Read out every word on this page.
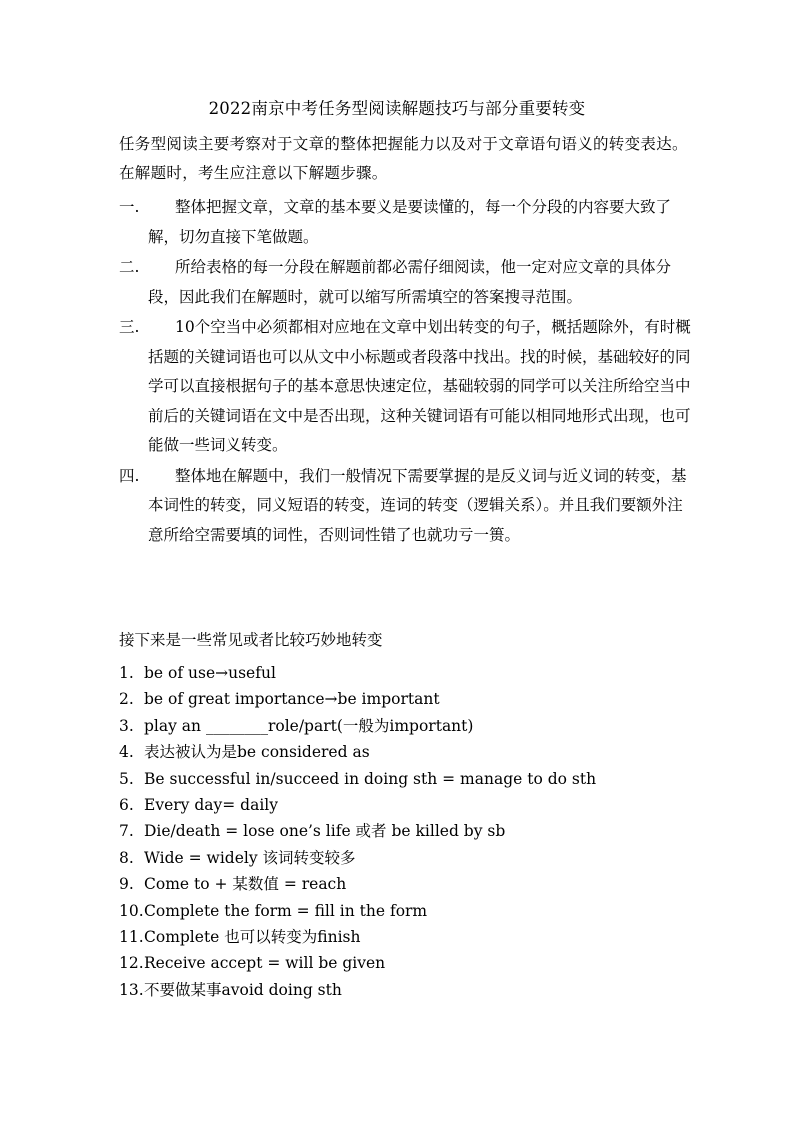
2022南京中考任务型阅读解题技巧与部分重要转变
任务型阅读主要考察对于文章的整体把握能力以及对于文章语句语义的转变表达。在解题时，考生应注意以下解题步骤。
一.	整体把握文章，文章的基本要义是要读懂的，每一个分段的内容要大致了解，切勿直接下笔做题。
二.	所给表格的每一分段在解题前都必需仔细阅读，他一定对应文章的具体分段，因此我们在解题时，就可以缩写所需填空的答案搜寻范围。
三.	10个空当中必须都相对应地在文章中划出转变的句子，概括题除外，有时概括题的关键词语也可以从文中小标题或者段落中找出。找的时候，基础较好的同学可以直接根据句子的基本意思快速定位，基础较弱的同学可以关注所给空当中前后的关键词语在文中是否出现，这种关键词语有可能以相同地形式出现，也可能做一些词义转变。
四.	整体地在解题中，我们一般情况下需要掌握的是反义词与近义词的转变，基本词性的转变，同义短语的转变，连词的转变（逻辑关系）。并且我们要额外注意所给空需要填的词性，否则词性错了也就功亏一篑。
接下来是一些常见或者比较巧妙地转变
1. be of use→useful
2. be of great importance→be important
3. play an ________role/part(一般为important)
4. 表达被认为是be considered as
5. Be successful in/succeed in doing sth = manage to do sth
6. Every day= daily
7. Die/death = lose one’s life 或者 be killed by sb
8. Wide = widely 该词转变较多
9. Come to + 某数值 = reach
10.Complete the form = fill in the form
11.Complete 也可以转变为finish
12.Receive accept = will be given
13.不要做某事avoid doing sth
